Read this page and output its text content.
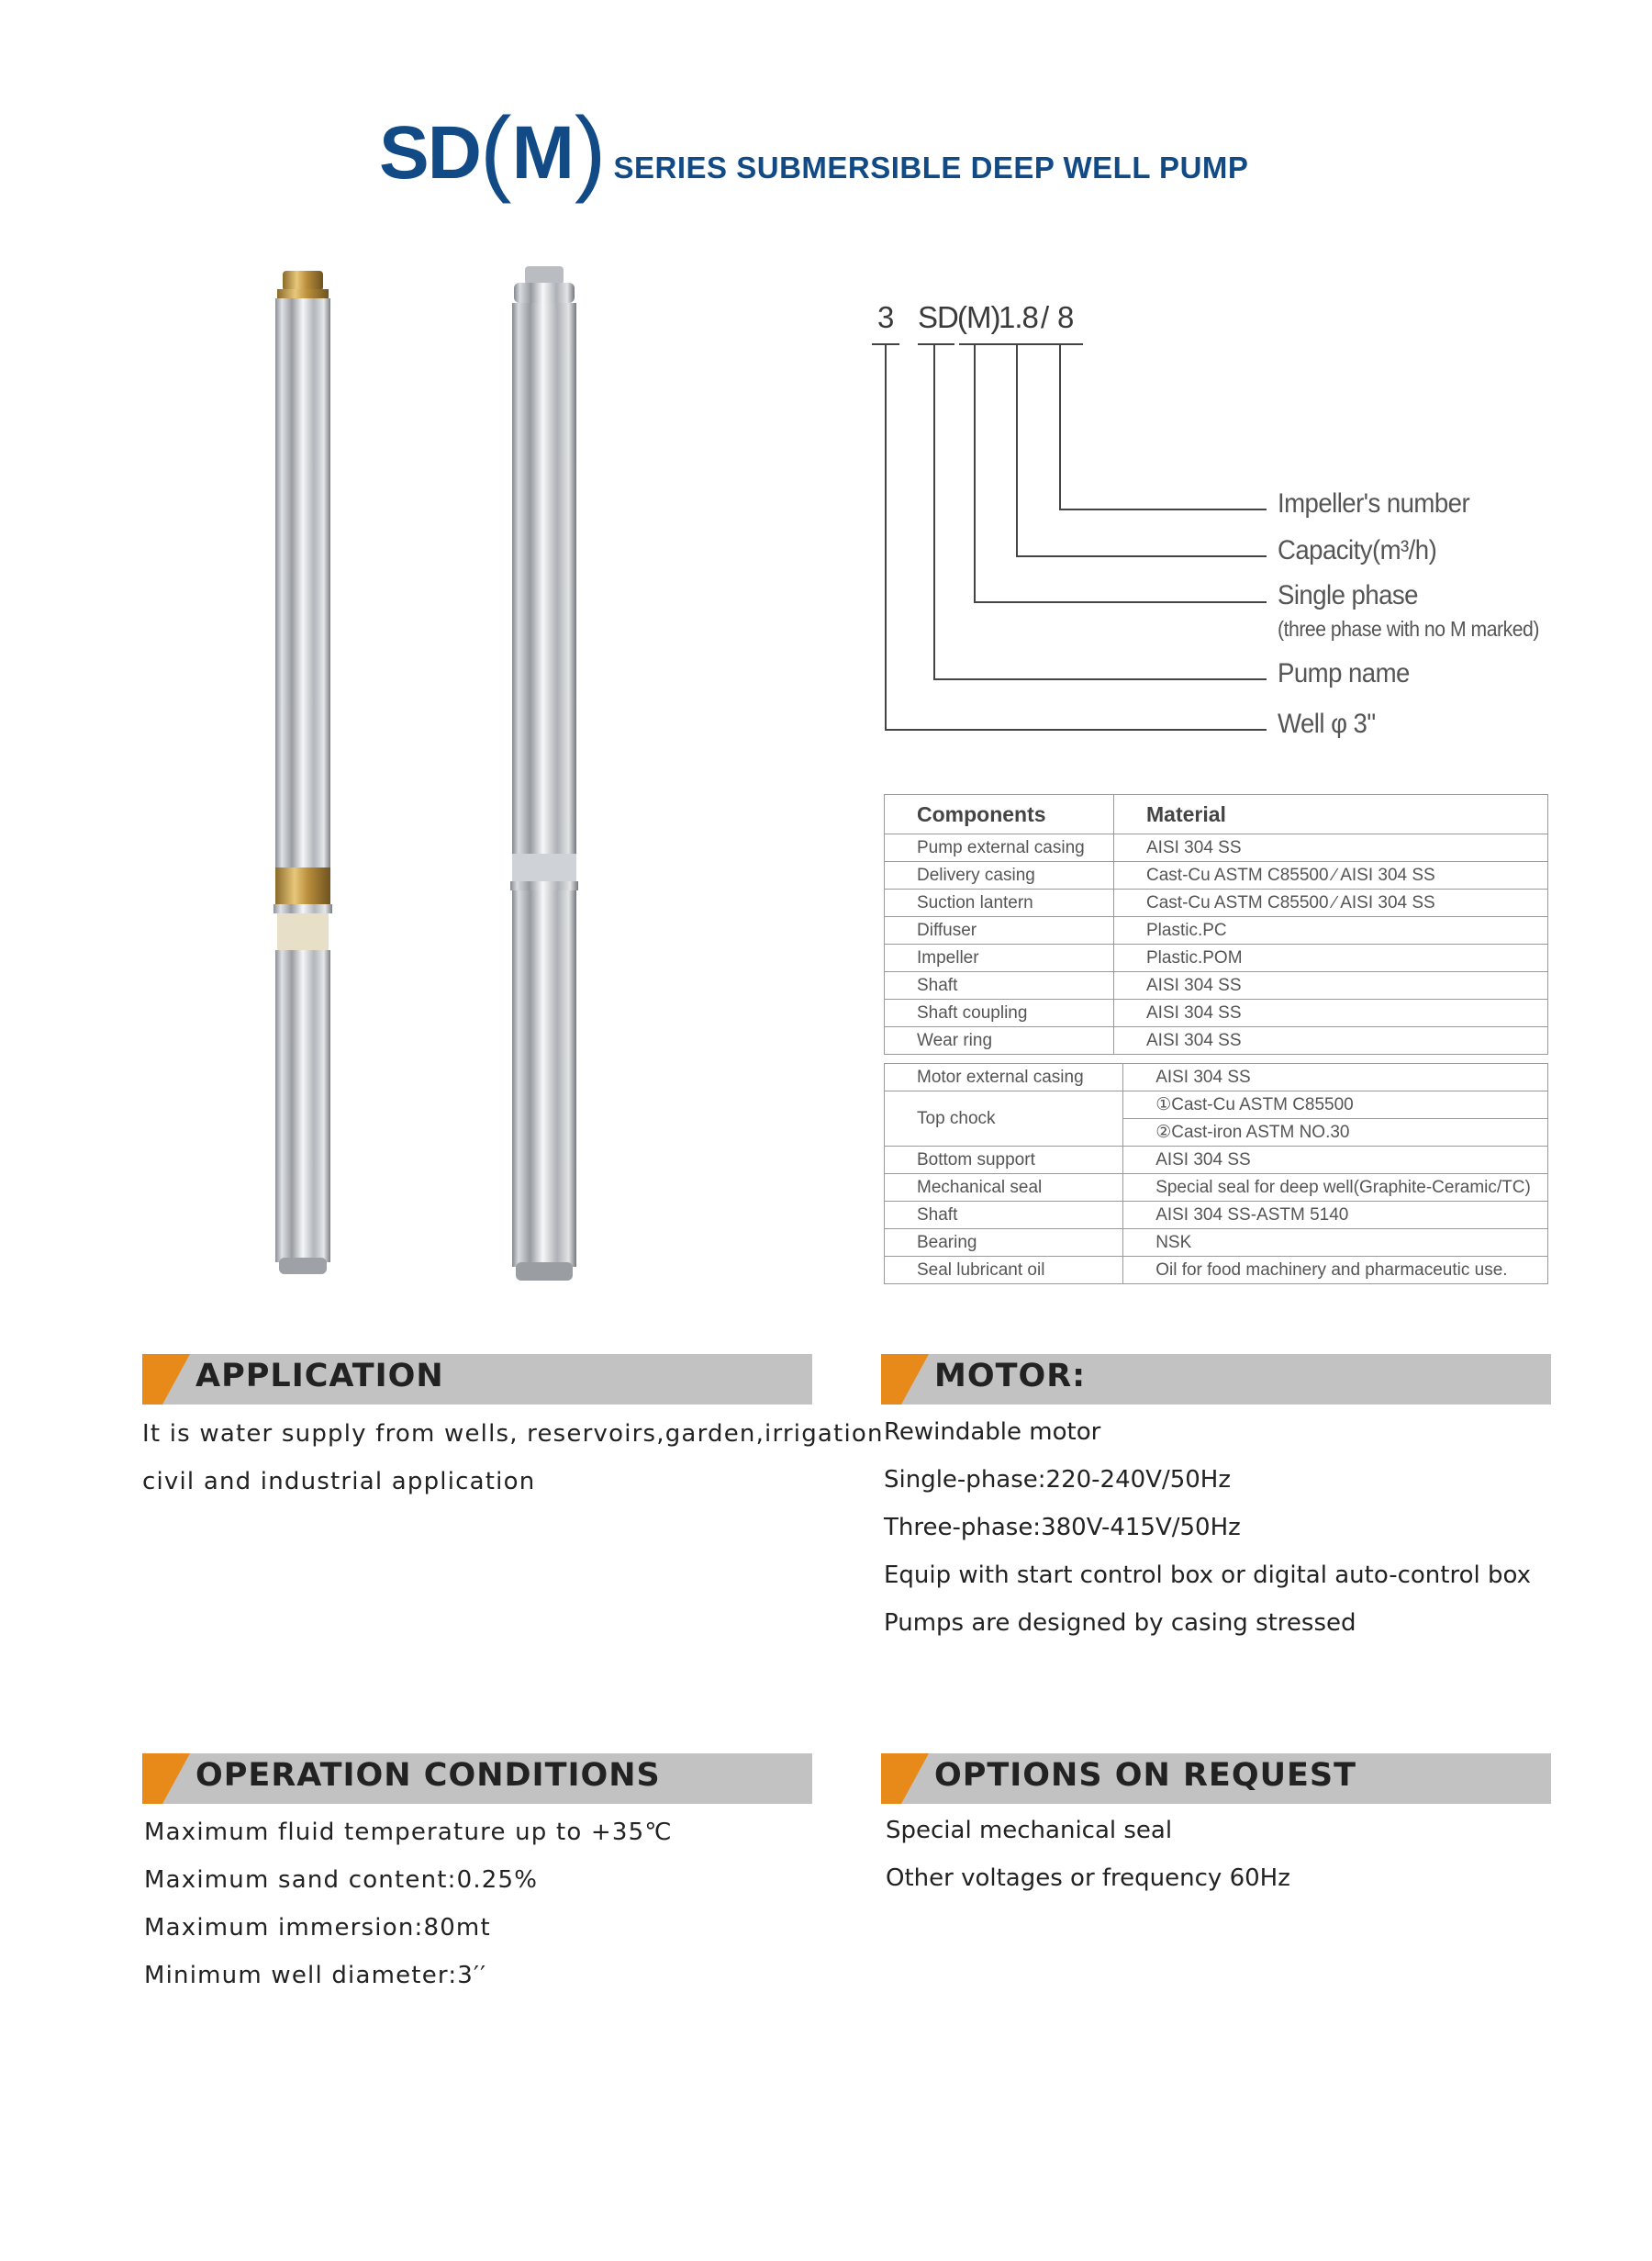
SD(M) SERIES SUBMERSIBLE DEEP WELL PUMP
3 SD (M)
1.8 / 8
Impeller's number
Capacity(m³/h)
Single phase
(three phase with no M marked)
Pump name
Well φ 3"
Components	Material
Pump external casing	AISI 304 SS
Delivery casing	Cast-Cu ASTM C85500 ∕ AISI 304 SS
Suction lantern	Cast-Cu ASTM C85500 ∕ AISI 304 SS
Diffuser	Plastic.PC
Impeller	Plastic.POM
Shaft	AISI 304 SS
Shaft coupling	AISI 304 SS
Wear ring	AISI 304 SS
Motor external casing	AISI 304 SS
Top chock	①Cast-Cu ASTM C85500
	②Cast-iron ASTM NO.30
Bottom support	AISI 304 SS
Mechanical seal	Special seal for deep well(Graphite-Ceramic/TC)
Shaft	AISI 304 SS-ASTM 5140
Bearing	NSK
Seal lubricant oil	Oil for food machinery and pharmaceutic use.
APPLICATION

It is water supply from wells, reservoirs,garden,irrigation

civil and industrial application

MOTOR:

Rewindable motor

Single-phase:220-240V/50Hz

Three-phase:380V-415V/50Hz

Equip with start control box or digital auto-control box

Pumps are designed by casing stressed

OPERATION CONDITIONS

Maximum fluid temperature up to +35℃

Maximum sand content:0.25%

Maximum immersion:80mt

Minimum well diameter:3′′

OPTIONS ON REQUEST

Special mechanical seal

Other voltages or frequency 60Hz
